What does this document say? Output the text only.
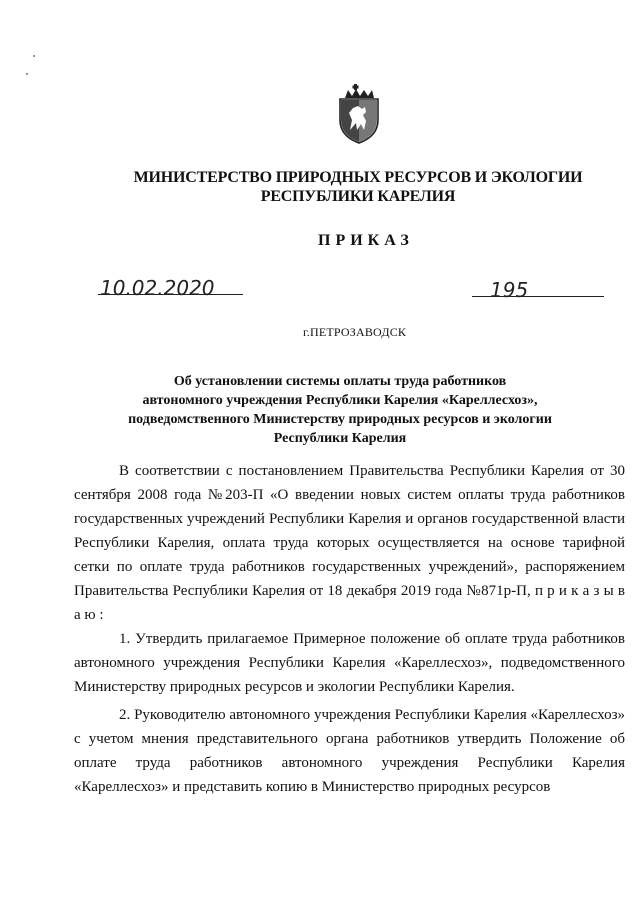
МИНИСТЕРСТВО ПРИРОДНЫХ РЕСУРСОВ И ЭКОЛОГИИ
РЕСПУБЛИКИ КАРЕЛИЯ
ПРИКАЗ
10.02.2020	195
г.ПЕТРОЗАВОДСК
Об установлении системы оплаты труда работников
автономного учреждения Республики Карелия «Кареллесхоз»,
подведомственного Министерству природных ресурсов и экологии
Республики Карелия

В соответствии с постановлением Правительства Республики Карелия от 30 сентября 2008 года №203-П «О введении новых систем оплаты труда работников государственных учреждений Республики Карелия и органов государственной власти Республики Карелия, оплата труда которых осуществляется на основе тарифной сетки по оплате труда работников государственных учреждений», распоряжением Правительства Республики Карелия от 18 декабря 2019 года №871р-П, п р и к а з ы в а ю :

1. Утвердить прилагаемое Примерное положение об оплате труда работников автономного учреждения Республики Карелия «Кареллесхоз», подведомственного Министерству природных ресурсов и экологии Республики Карелия.

2. Руководителю автономного учреждения Республики Карелия «Кареллесхоз» с учетом мнения представительного органа работников утвердить Положение об оплате труда работников автономного учреждения Республики Карелия «Кареллесхоз» и представить копию в Министерство природных ресурсов
